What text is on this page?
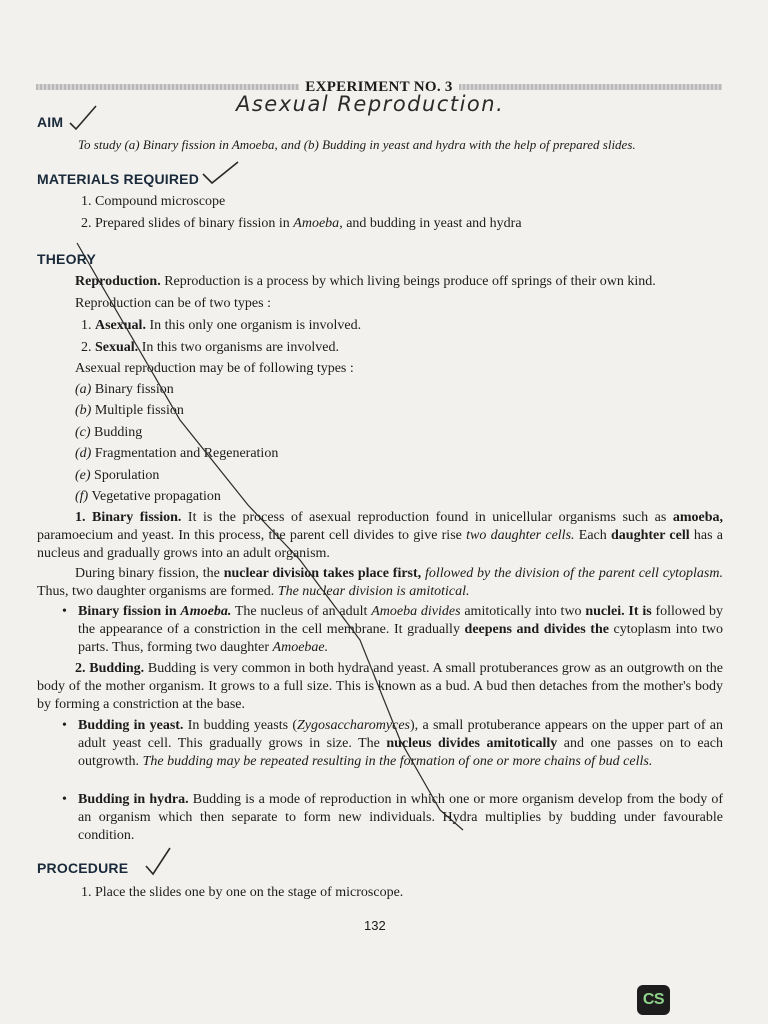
EXPERIMENT NO. 3
Asexual Reproduction.
AIM
To study (a) Binary fission in Amoeba, and (b) Budding in yeast and hydra with the help of prepared slides.
MATERIALS REQUIRED
1. Compound microscope
2. Prepared slides of binary fission in Amoeba, and budding in yeast and hydra
THEORY
Reproduction. Reproduction is a process by which living beings produce off springs of their own kind.
Reproduction can be of two types :
1. Asexual. In this only one organism is involved.
2. Sexual. In this two organisms are involved.
Asexual reproduction may be of following types :
(a) Binary fission
(b) Multiple fission
(c) Budding
(d) Fragmentation and Regeneration
(e) Sporulation
(f) Vegetative propagation
1. Binary fission. It is the process of asexual reproduction found in unicellular organisms such as amoeba, paramoecium and yeast. In this process, the parent cell divides to give rise two daughter cells. Each daughter cell has a nucleus and gradually grows into an adult organism.
During binary fission, the nuclear division takes place first, followed by the division of the parent cell cytoplasm. Thus, two daughter organisms are formed. The nuclear division is amitotical.
• Binary fission in Amoeba. The nucleus of an adult Amoeba divides amitotically into two nuclei. It is followed by the appearance of a constriction in the cell membrane. It gradually deepens and divides the cytoplasm into two parts. Thus, forming two daughter Amoebae.
2. Budding. Budding is very common in both hydra and yeast. A small protuberances grow as an outgrowth on the body of the mother organism. It grows to a full size. This is known as a bud. A bud then detaches from the mother's body by forming a constriction at the base.
• Budding in yeast. In budding yeasts (Zygosaccharomyces), a small protuberance appears on the upper part of an adult yeast cell. This gradually grows in size. The nucleus divides amitotically and one passes on to each outgrowth. The budding may be repeated resulting in the formation of one or more chains of bud cells.
• Budding in hydra. Budding is a mode of reproduction in which one or more organism develop from the body of an organism which then separate to form new individuals. Hydra multiplies by budding under favourable condition.
PROCEDURE
1. Place the slides one by one on the stage of microscope.
132
CS
